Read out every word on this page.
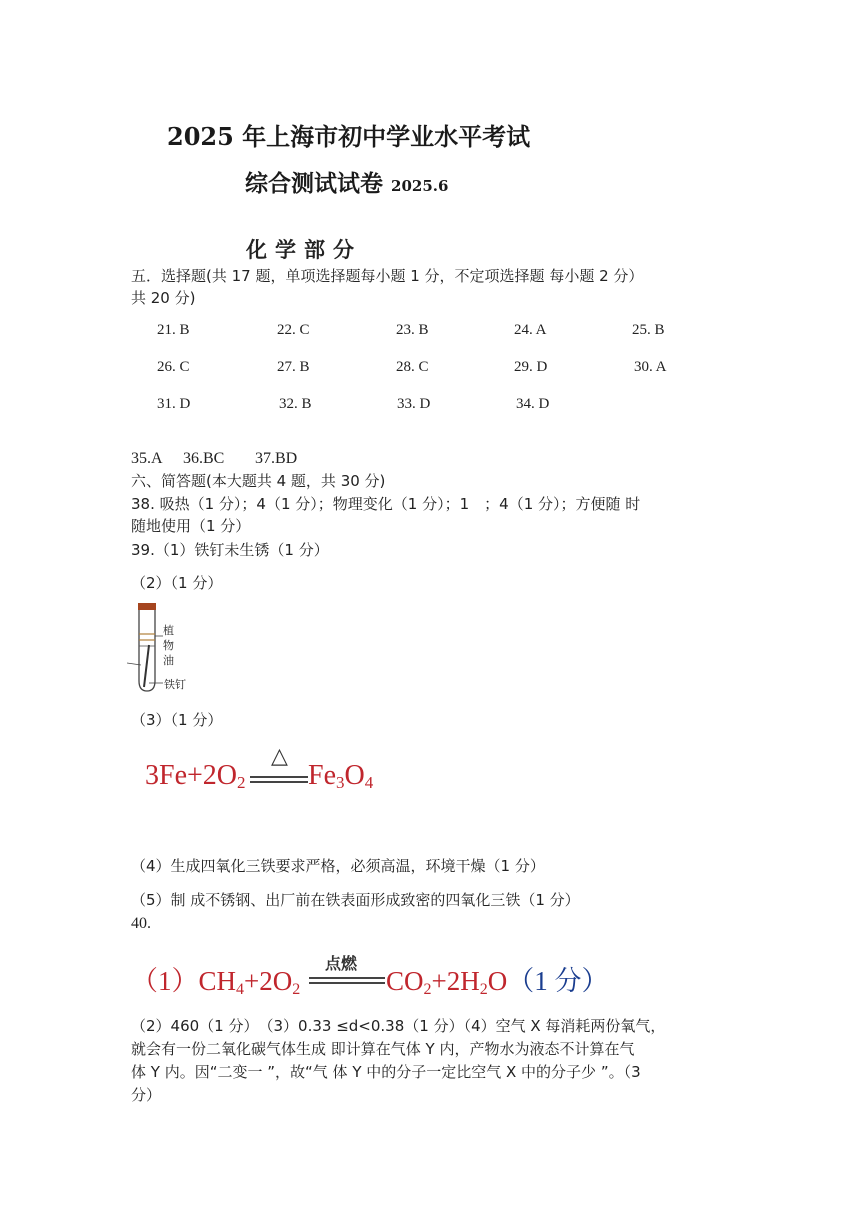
2025 年上海市初中学业水平考试
综合测试试卷 2025.6
化学部分
五．选择题(共 17 题，单项选择题每小题 1 分，不定项选择题 每小题 2 分）
共 20 分)
21. B	22. C	23. B	24. A	25. B
26. C	27. B	28. C	29. D	30. A
31. D	32. B	33. D	34. D
35.A 36.BC 37.BD
六、简答题(本大题共 4 题，共 30 分)
38. 吸热（1 分）；4（1 分）；物理变化（1 分）；1　；4（1 分）；方便随 时
随地使用（1 分）
39.（1）铁钉未生锈（1 分）
（2）（1 分）
植
物
油
铁钉
（3）（1 分）
$3Fe+2O_2$
△
$Fe_3O_4$
（4）生成四氧化三铁要求严格，必须高温，环境干燥（1 分）
（5）制 成不锈钢、出厂前在铁表面形成致密的四氧化三铁（1 分）
40.
$(1)CH_4+2O_2$
点燃
$CO_2+2H_2O(1$ 分）
（2）460（1 分）　（3）0.33 ≤d<0.38（1 分）（4）空气 X 每消耗两份氧气，
就会有一份二氧化碳气体生成 即计算在气体 Y 内，产物水为液态不计算在气
体 Y 内。因“二变一 ”，故“气 体 Y 中的分子一定比空气 X 中的分子少 ”。（3
分）
